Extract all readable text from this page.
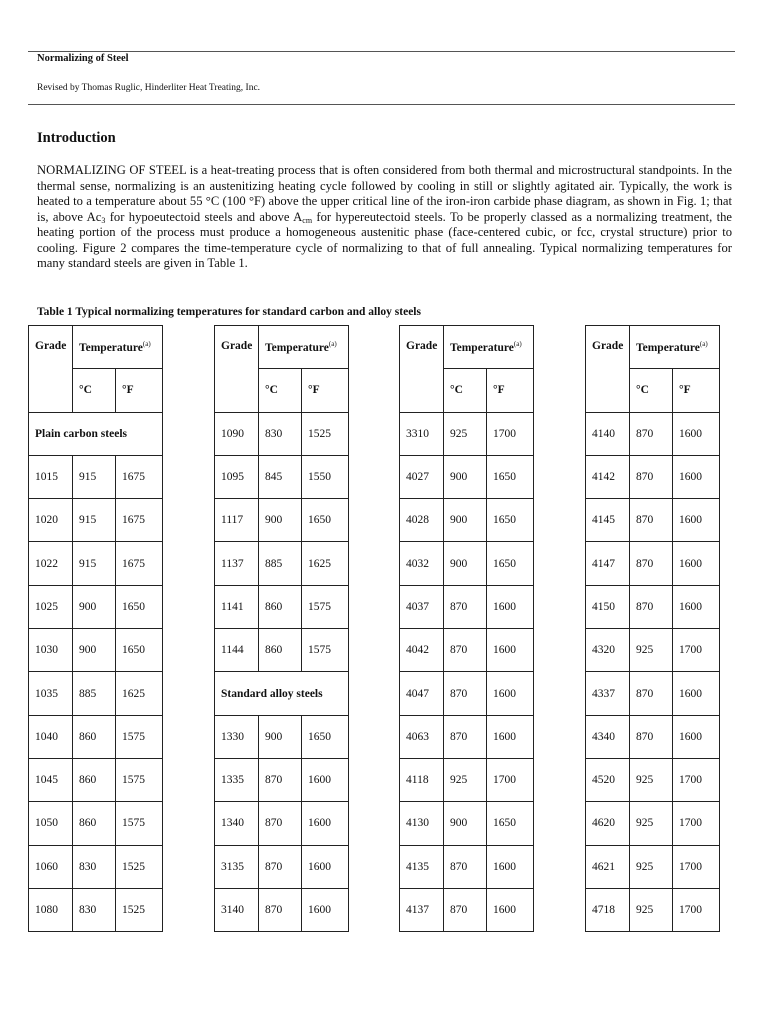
Normalizing of Steel
Revised by Thomas Ruglic, Hinderliter Heat Treating, Inc.
Introduction

NORMALIZING OF STEEL is a heat-treating process that is often considered from both thermal and microstructural standpoints. In the thermal sense, normalizing is an austenitizing heating cycle followed by cooling in still or slightly agitated air. Typically, the work is heated to a temperature about 55 °C (100 °F) above the upper critical line of the iron-iron carbide phase diagram, as shown in Fig. 1; that is, above $Ac_3$ for hypoeutectoid steels and above $A_{cm}$ for hypereutectoid steels. To be properly classed as a normalizing treatment, the heating portion of the process must produce a homogeneous austenitic phase (face-centered cubic, or fcc, crystal structure) prior to cooling. Figure 2 compares the time-temperature cycle of normalizing to that of full annealing. Typical normalizing temperatures for many standard steels are given in Table 1.

Table 1 Typical normalizing temperatures for standard carbon and alloy steels
Grade	Temperature$^{(a)}$
	°C	°F
Plain carbon steels		
1015	915	1675
1020	915	1675
1022	915	1675
1025	900	1650
1030	900	1650
1035	885	1625
1040	860	1575
1045	860	1575
1050	860	1575
1060	830	1525
1080	830	1525
Grade	Temperature$^{(a)}$
	°C	°F
1090	830	1525
1095	845	1550
1117	900	1650
1137	885	1625
1141	860	1575
1144	860	1575
Standard alloy steels		
1330	900	1650
1335	870	1600
1340	870	1600
3135	870	1600
3140	870	1600
Grade	Temperature$^{(a)}$
	°C	°F
3310	925	1700
4027	900	1650
4028	900	1650
4032	900	1650
4037	870	1600
4042	870	1600
4047	870	1600
4063	870	1600
4118	925	1700
4130	900	1650
4135	870	1600
4137	870	1600
Grade	Temperature$^{(a)}$
	°C	°F
4140	870	1600
4142	870	1600
4145	870	1600
4147	870	1600
4150	870	1600
4320	925	1700
4337	870	1600
4340	870	1600
4520	925	1700
4620	925	1700
4621	925	1700
4718	925	1700
